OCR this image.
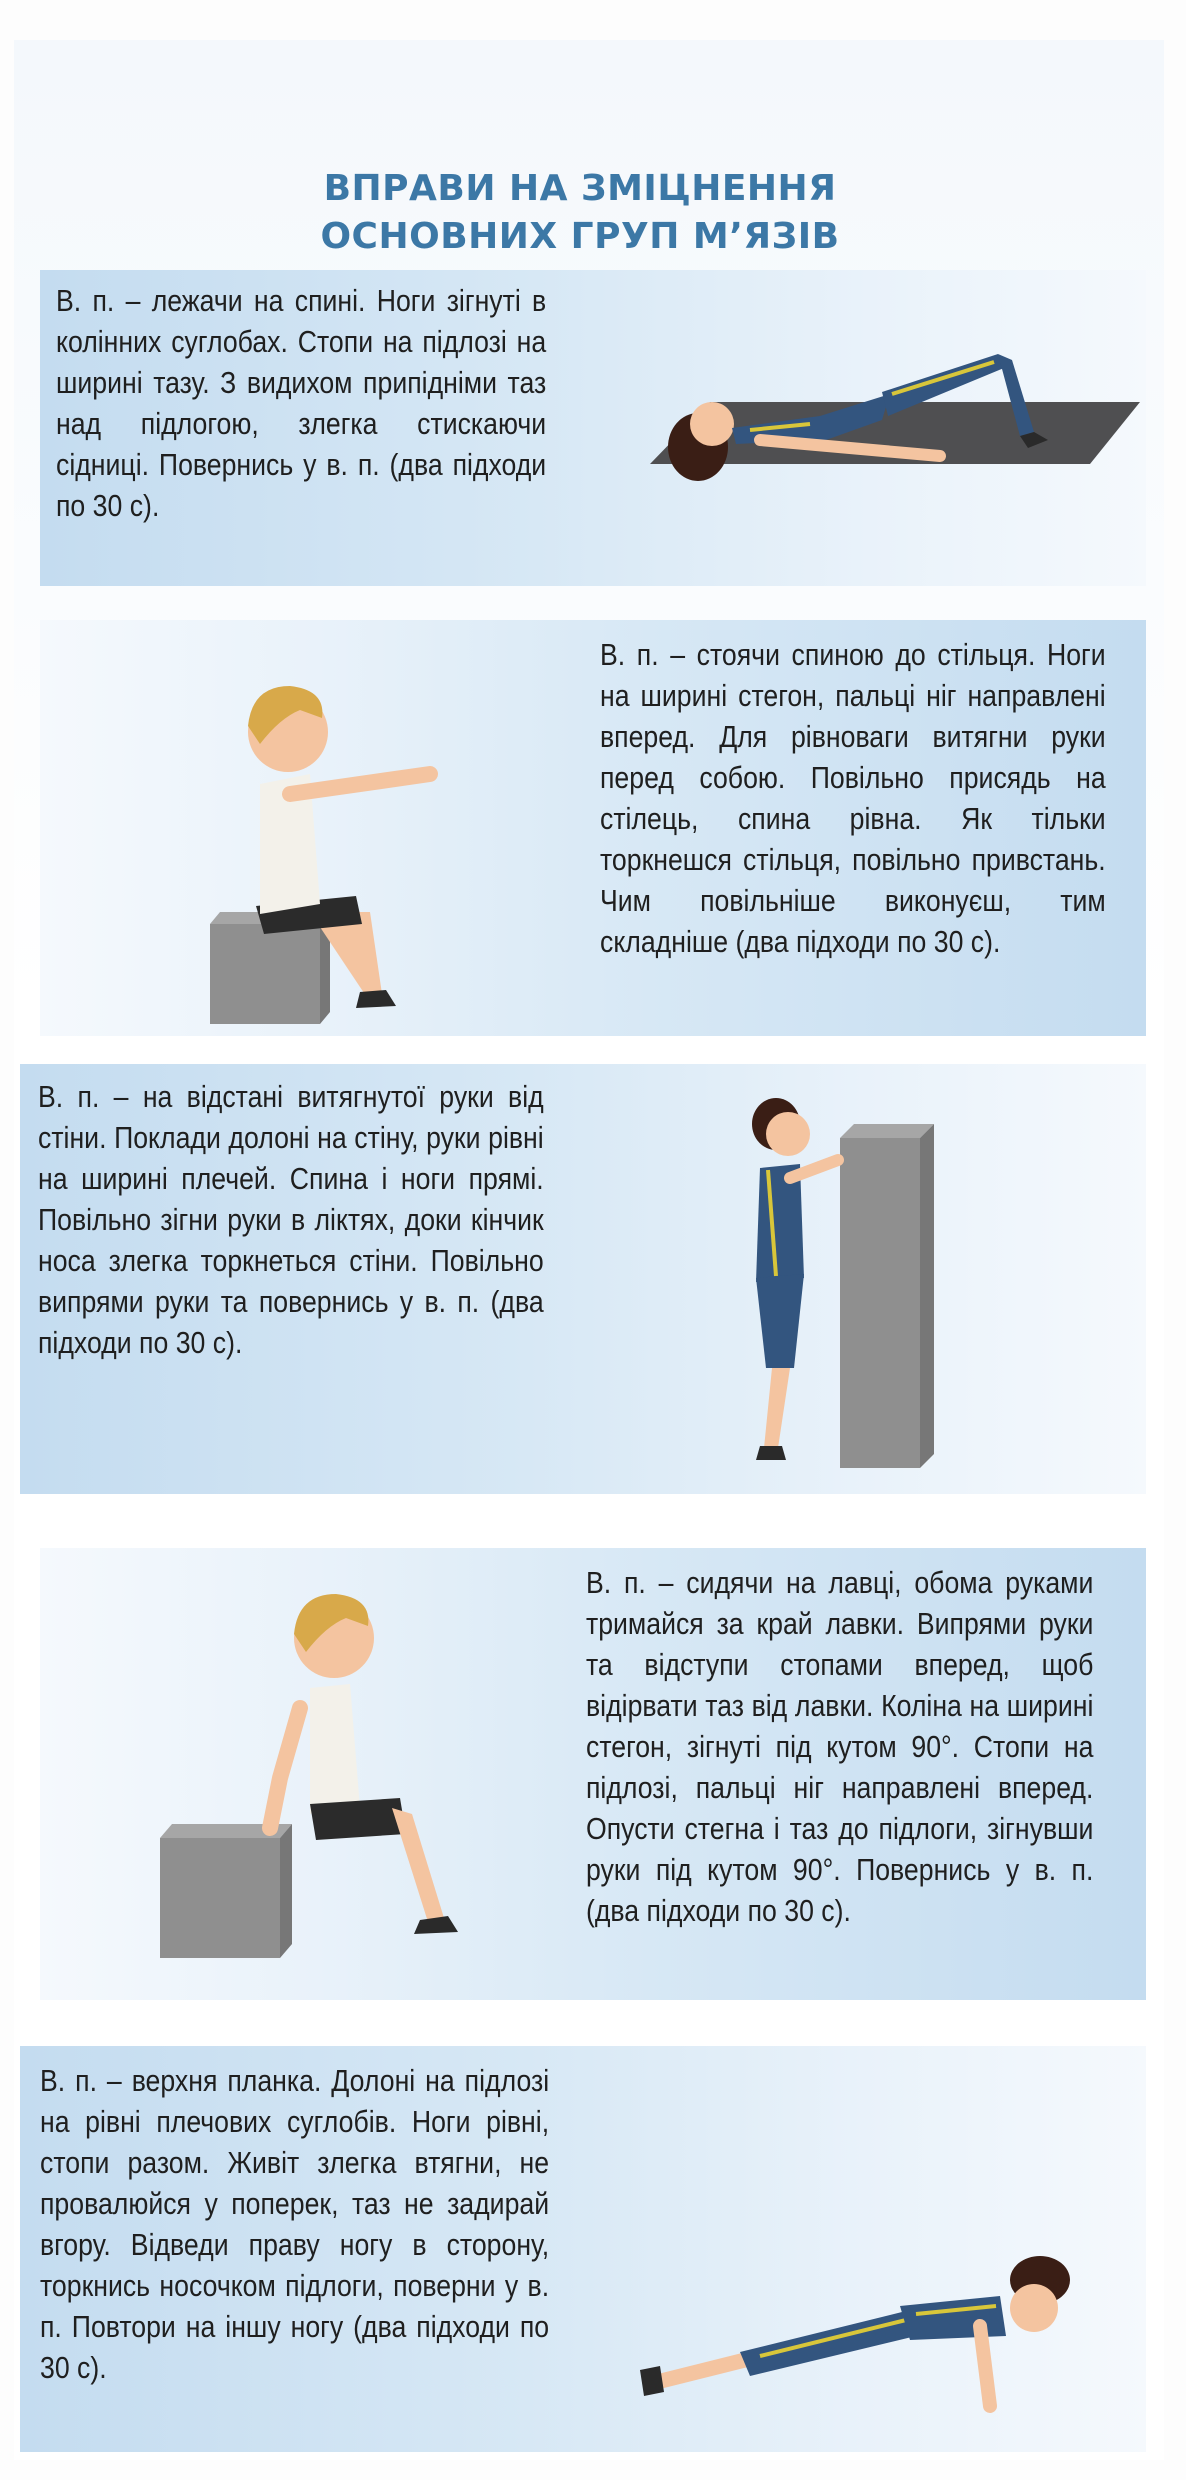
ВПРАВИ НА ЗМІЦНЕННЯ
ОСНОВНИХ ГРУП М’ЯЗІВ
В. п. – лежачи на спині. Ноги зігнуті в колінних суглобах. Стопи на підлозі на ширині тазу. З видихом припідніми таз над підлогою, злегка стискаючи сідниці. Повернись у в. п. (два підходи по 30 с).
В. п. – стоячи спиною до стільця. Ноги на ширині стегон, пальці ніг направлені вперед. Для рівноваги витягни руки перед собою. Повільно присядь на стілець, спина рівна. Як тільки торкнешся стільця, повільно привстань. Чим повільніше виконуєш, тим складніше (два підходи по 30 с).
В. п. – на відстані витягнутої руки від стіни. Поклади долоні на стіну, руки рівні на ширині плечей. Спина і ноги прямі. Повільно зігни руки в ліктях, доки кінчик носа злегка торкнеться стіни. Повільно випрями руки та повернись у в. п. (два підходи по 30 с).
В. п. – сидячи на лавці, обома руками тримайся за край лавки. Випрями руки та відступи стопами вперед, щоб відірвати таз від лавки. Коліна на ширині стегон, зігнуті під кутом 90°. Стопи на підлозі, пальці ніг направлені вперед. Опусти стегна і таз до підлоги, зігнувши руки під кутом 90°. Повернись у в. п. (два підходи по 30 с).
В. п. – верхня планка. Долоні на підлозі на рівні плечових суглобів. Ноги рівні, стопи разом. Живіт злегка втягни, не провалюйся у поперек, таз не задирай вгору. Відведи праву ногу в сторону, торкнись носочком підлоги, поверни у в. п. Повтори на іншу ногу (два підходи по 30 с).
